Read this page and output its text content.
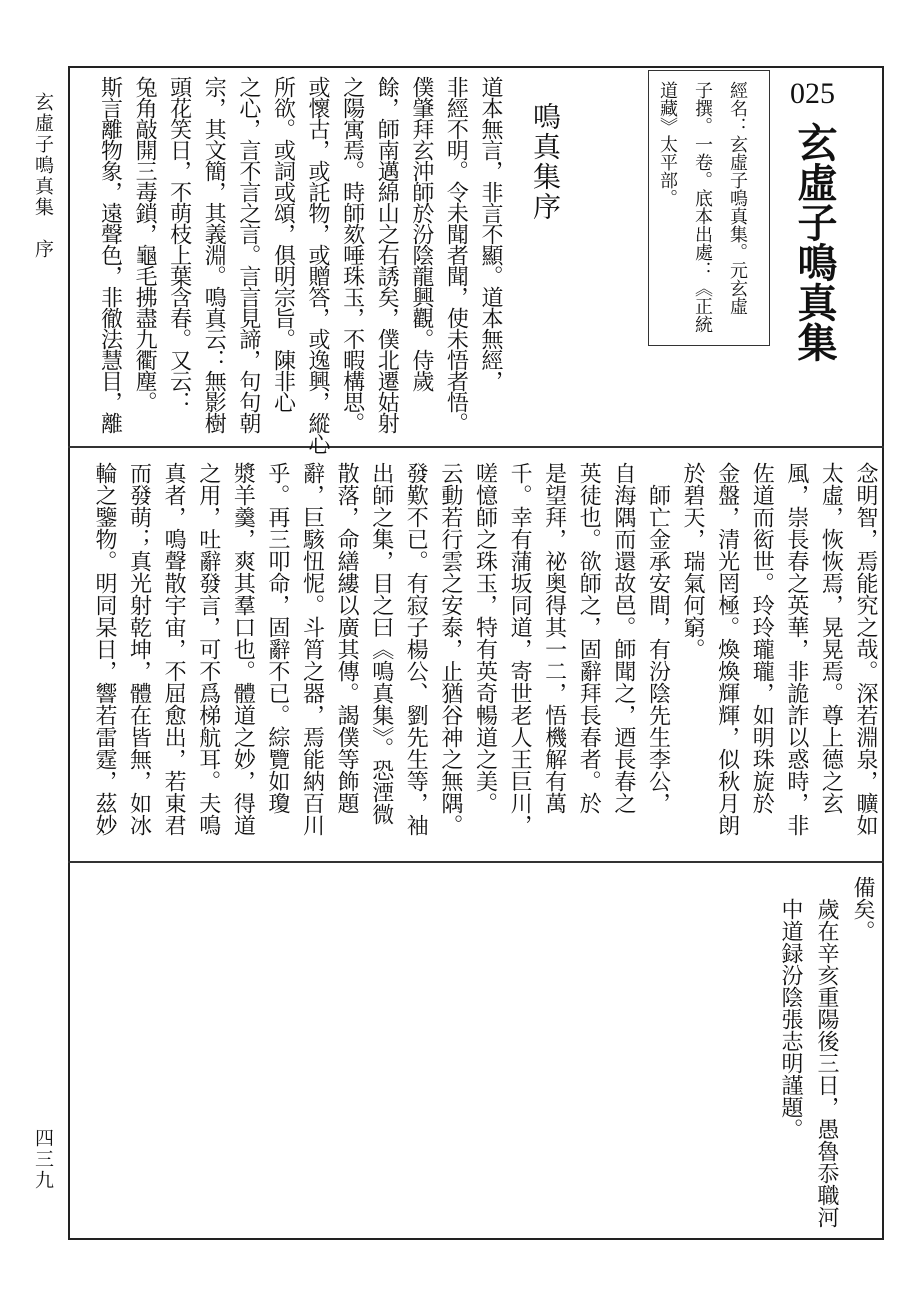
玄虛子鳴真集　序
四三九
025
玄虛子鳴真集
經名：玄虛子鳴真集。元玄虛
子撰。一卷。底本出處：《正統
道藏》太平部。
鳴真集序
道本無言，非言不顯。道本無經，
非經不明。令未聞者聞，使未悟者悟。
僕肇拜玄沖師於汾陰龍興觀。侍歲
餘，師南邁綿山之右誘矣，僕北遷姑射
之陽寓焉。時師欬唾珠玉，不暇構思。
或懷古，或託物，或贈答，或逸興，縱心
所欲。或詞或頌，俱明宗旨。陳非心
之心，言不言之言。言言見諦，句句朝
宗，其文簡，其義淵。鳴真云：無影樹
頭花笑日，不萌枝上葉含春。又云：
兔角敲開三毒鎖，龜毛拂盡九衢塵。
斯言離物象，遠聲色，非徹法慧目，離
念明智，焉能究之哉。深若淵泉，曠如
太虛，恢恢焉，晃晃焉。尊上德之玄
風，崇長春之英華，非詭詐以惑時，非
佐道而衒世。玲玲瓏瓏，如明珠旋於
金盤，清光罔極。煥煥輝輝，似秋月朗
於碧天，瑞氣何窮。
　師亡金承安間，有汾陰先生李公，
自海隅而還故邑。師聞之，迺長春之
英徒也。欲師之，固辭拜長春者。於
是望拜，祕奥得其一二，悟機解有萬
千。幸有蒲坂同道，寄世老人王巨川，
嗟憶師之珠玉，特有英奇暢道之美。
云動若行雲之安泰，止猶谷神之無隅。
發歎不已。有寂子楊公、劉先生等，袖
出師之集，目之曰《鳴真集》。恐湮微
散落，命繕縷以廣其傳。謁僕等飾題
辭，巨駭忸怩。斗筲之器，焉能納百川
乎。再三叩命，固辭不已。綜覽如瓊
漿羊羹，爽其羣口也。體道之妙，得道
之用，吐辭發言，可不爲梯航耳。夫鳴
真者，鳴聲散宇宙，不屈愈出，若東君
而發萌；真光射乾坤，體在皆無，如冰
輪之鑒物。明同杲日，響若雷霆，茲妙
備矣。
　歲在辛亥重陽後三日，愚魯忝職河
　中道録汾陰張志明謹題。
